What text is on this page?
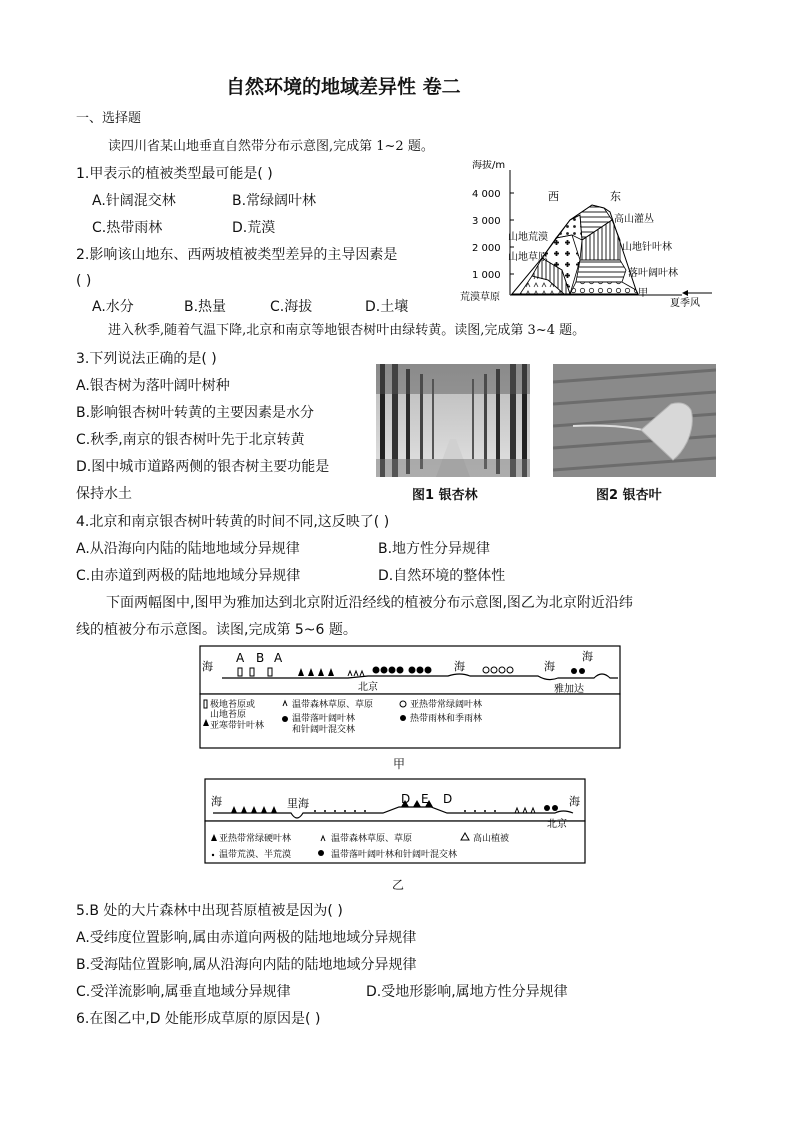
自然环境的地域差异性 卷二
一、选择题
读四川省某山地垂直自然带分布示意图,完成第 1~2 题。
1.甲表示的植被类型最可能是( )
A.针阔混交林	B.常绿阔叶林
C.热带雨林	D.荒漠
2.影响该山地东、西两坡植被类型差异的主导因素是
( )
A.水分	B.热量	C.海拔	D.土壤
海拔/m
4 000
3 000
2 000
1 000
西	东
高山灌丛
山地荒漠
山地针叶林
山地草原
落叶阔叶林
荒漠草原	甲
夏季风
进入秋季,随着气温下降,北京和南京等地银杏树叶由绿转黄。读图,完成第 3~4 题。
3.下列说法正确的是( )
A.银杏树为落叶阔叶树种
B.影响银杏树叶转黄的主要因素是水分
C.秋季,南京的银杏树叶先于北京转黄
D.图中城市道路两侧的银杏树主要功能是
保持水土	图1 银杏林	图2 银杏叶
4.北京和南京银杏树叶转黄的时间不同,这反映了( )
A.从沿海向内陆的陆地地域分异规律	B.地方性分异规律
C.由赤道到两极的陆地地域分异规律	D.自然环境的整体性
下面两幅图中,图甲为雅加达到北京附近沿经线的植被分布示意图,图乙为北京附近沿纬
线的植被分布示意图。读图,完成第 5~6 题。
海
A B A
海	海
海
北京	雅加达
极地苔原或
山地苔原
亚寒带针叶林
温带森林草原、草原
温带落叶阔叶林
和针阔叶混交林
亚热带常绿阔叶林
热带雨林和季雨林
甲
海	里海	D E D	海
北京
亚热带常绿硬叶林	温带森林草原、草原	高山植被
温带荒漠、半荒漠	温带落叶阔叶林和针阔叶混交林
乙
5.B 处的大片森林中出现苔原植被是因为( )
A.受纬度位置影响,属由赤道向两极的陆地地域分异规律
B.受海陆位置影响,属从沿海向内陆的陆地地域分异规律
C.受洋流影响,属垂直地域分异规律	D.受地形影响,属地方性分异规律
6.在图乙中,D 处能形成草原的原因是( )
